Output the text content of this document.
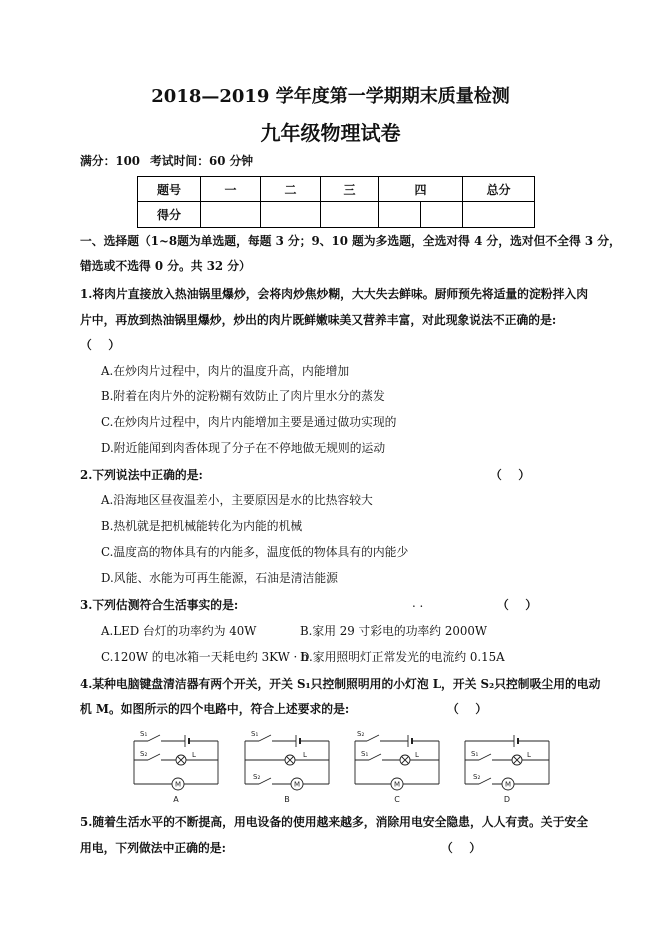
2018—2019 学年度第一学期期末质量检测
九年级物理试卷
满分：100 考试时间：60 分钟
题号	一	二	三	四		总分
得分						
一、选择题（1~8题为单选题，每题 3 分；9、10 题为多选题，全选对得 4 分，选对但不全得 3 分，
错选或不选得 0 分。共 32 分）
1.将肉片直接放入热油锅里爆炒，会将肉炒焦炒糊，大大失去鲜味。厨师预先将适量的淀粉拌入肉
片中，再放到热油锅里爆炒，炒出的肉片既鲜嫩味美又营养丰富，对此现象说法不正确的是:
（    ）
A.在炒肉片过程中，肉片的温度升高，内能增加
B.附着在肉片外的淀粉糊有效防止了肉片里水分的蒸发
C.在炒肉片过程中，肉片内能增加主要是通过做功实现的
D.附近能闻到肉香体现了分子在不停地做无规则的运动
2.下列说法中正确的是:	（    ）
A.沿海地区昼夜温差小，主要原因是水的比热容较大
B.热机就是把机械能转化为内能的机械
C.温度高的物体具有的内能多，温度低的物体具有的内能少
D.风能、水能为可再生能源，石油是清洁能源
3.下列估测符合生活事实的是:	. .	（    ）
A.LED 台灯的功率约为 40W	B.家用 29 寸彩电的功率约 2000W
C.120W 的电冰箱一天耗电约 3KW · h
D.家用照明灯正常发光的电流约 0.15A
4.某种电脑键盘清洁器有两个开关，开关 S₁只控制照明用的小灯泡 L，开关 S₂只控制吸尘用的电动
机 M。如图所示的四个电路中，符合上述要求的是:	（    ）
S₁
S₂	L
M
A
S₁
L
S₂
M
B
S₂
S₁	L
M
C
S₁	L
S₂
M
D
5.随着生活水平的不断提高，用电设备的使用越来越多，消除用电安全隐患，人人有责。关于安全
用电，下列做法中正确的是:	（    ）
